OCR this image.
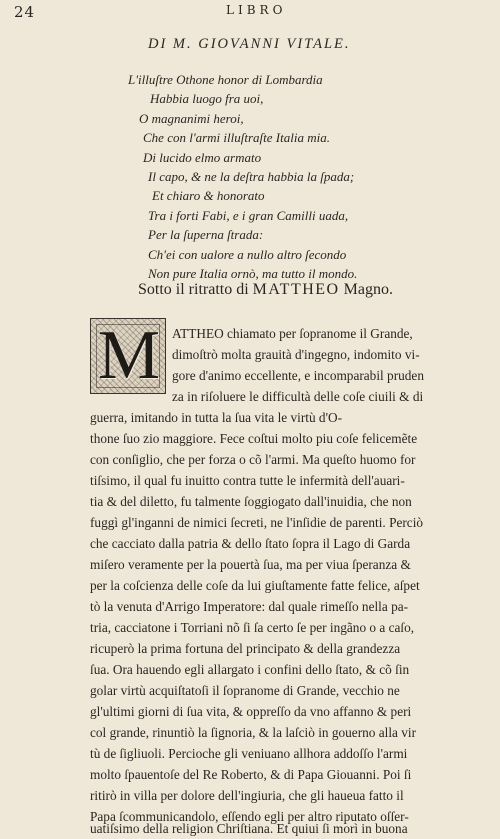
24	LIBRO
DI M. GIOVANNI VITALE.
L'illuſtre Othone honor di Lombardia
Habbia luogo fra uoi,
O magnanimi heroi,
Che con l'armi illuſtraſte Italia mia.
Di lucido elmo armato
Il capo, & ne la deſtra habbia la ſpada;
Et chiaro & honorato
Tra i forti Fabi, e i gran Camilli uada,
Per la ſuperna ſtrada:
Ch'ei con ualore a nullo altro ſecondo
Non pure Italia ornò, ma tutto il mondo.
Sotto il ritratto di MATTHEO Magno.
M ATTHEO chiamato per ſopranome il Grande,
dimoſtrò molta grauità d'ingegno, indomito vi-
gore d'animo eccellente, e incomparabil pruden
za in riſoluere le difficultà delle coſe ciuili & di
guerra, imitando in tutta la ſua vita le virtù d'O-
thone ſuo zio maggiore. Fece coſtui molto piu coſe felicemẽte
con conſiglio, che per forza o cõ l'armi. Ma queſto huomo for
tiſsimo, il qual fu inuitto contra tutte le infermità dell'auari-
tia & del diletto, fu talmente ſoggiogato dall'inuidia, che non
fuggì gl'inganni de nimici ſecreti, ne l'inſidie de parenti. Perciò
che cacciato dalla patria & dello ſtato ſopra il Lago di Garda
miſero veramente per la pouertà ſua, ma per viua ſperanza &
per la coſcienza delle coſe da lui giuſtamente fatte felice, aſpet
tò la venuta d'Arrigo Imperatore: dal quale rimeſſo nella pa-
tria, cacciatone i Torriani nõ ſi ſa certo ſe per ingãno o a caſo,
ricuperò la prima fortuna del principato & della grandezza
ſua. Ora hauendo egli allargato i confini dello ſtato, & cõ ſin
golar virtù acquiſtatoſi il ſopranome di Grande, vecchio ne
gl'ultimi giorni di ſua vita, & oppreſſo da vno affanno & peri
col grande, rinuntiò la ſignoria, & la laſciò in gouerno alla vir
tù de ſigliuoli. Percioche gli veniuano allhora addoſſo l'armi
molto ſpauentoſe del Re Roberto, & di Papa Giouanni. Poi ſi
ritirò in villa per dolore dell'ingiuria, che gli haueua fatto il
Papa ſcommunicandolo, eſſendo egli per altro riputato oſſer-
uatiſsimo della religion Chriſtiana. Et quiui ſi morì in buona
